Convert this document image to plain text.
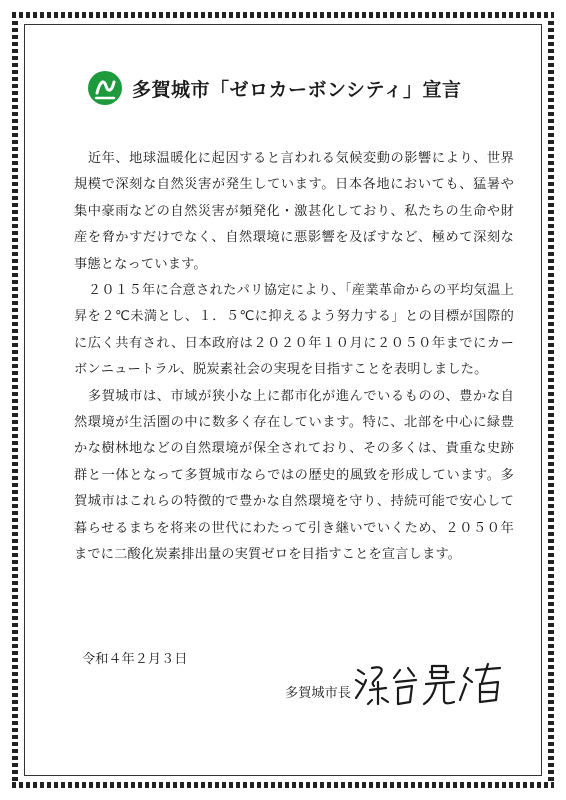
多賀城市「ゼロカーボンシティ」宣言

近年、地球温暖化に起因すると言われる気候変動の影響により、世界規模で深刻な自然災害が発生しています。日本各地においても、猛暑や集中豪雨などの自然災害が頻発化・激甚化しており、私たちの生命や財産を脅かすだけでなく、自然環境に悪影響を及ぼすなど、極めて深刻な事態となっています。

２０１５年に合意されたパリ協定により、「産業革命からの平均気温上昇を２℃未満とし、１．５℃に抑えるよう努力する」との目標が国際的に広く共有され、日本政府は２０２０年１０月に２０５０年までにカーボンニュートラル、脱炭素社会の実現を目指すことを表明しました。

多賀城市は、市域が狭小な上に都市化が進んでいるものの、豊かな自然環境が生活圏の中に数多く存在しています。特に、北部を中心に緑豊かな樹林地などの自然環境が保全されており、その多くは、貴重な史跡群と一体となって多賀城市ならではの歴史的風致を形成しています。多賀城市はこれらの特徴的で豊かな自然環境を守り、持続可能で安心して暮らせるまちを将来の世代にわたって引き継いでいくため、２０５０年までに二酸化炭素排出量の実質ゼロを目指すことを宣言します。

令和４年２月３日
多賀城市長
